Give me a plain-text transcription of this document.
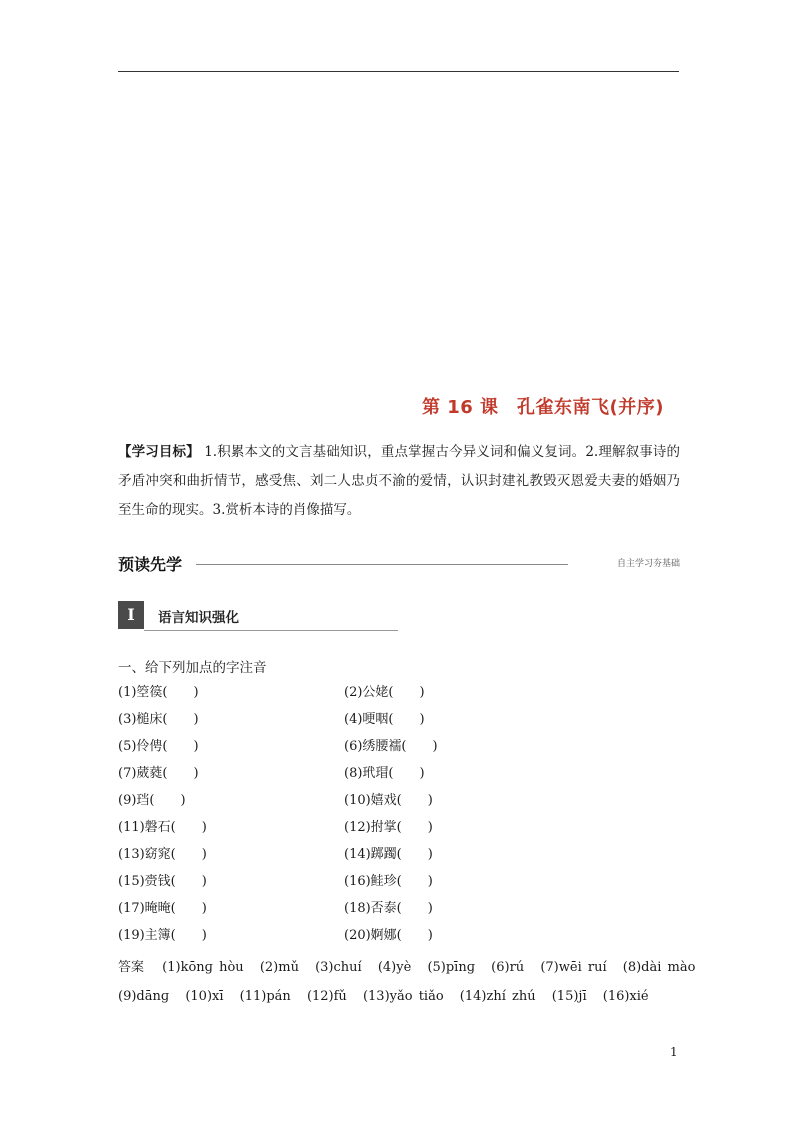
第 16 课　孔雀东南飞(并序)
【学习目标】 1.积累本文的文言基础知识，重点掌握古今异义词和偏义复词。2.理解叙事诗的矛盾冲突和曲折情节，感受焦、刘二人忠贞不渝的爱情，认识封建礼教毁灭恩爱夫妻的婚姻乃至生命的现实。3.赏析本诗的肖像描写。
预读先学	自主学习夯基础
I	语言知识强化
一、给下列加点的字注音
(1)箜篌( )	(2)公姥( )
(3)槌床( )	(4)哽咽( )
(5)伶俜( )	(6)绣腰襦( )
(7)葳蕤( )	(8)玳瑁( )
(9)珰( )	(10)嬉戏( )
(11)磐石( )	(12)拊掌( )
(13)窈窕( )	(14)踯躅( )
(15)赍钱( )	(16)鲑珍( )
(17)晻晻( )	(18)否泰( )
(19)主簿( )	(20)婀娜( )
答案 (1)kōnɡ hòu (2)mǔ (3)chuí (4)yè (5)pīnɡ (6)rú (7)wēi ruí (8)dài mào
(9)dānɡ (10)xī (11)pán (12)fǔ (13)yǎo tiǎo (14)zhí zhú (15)jī (16)xié
1
